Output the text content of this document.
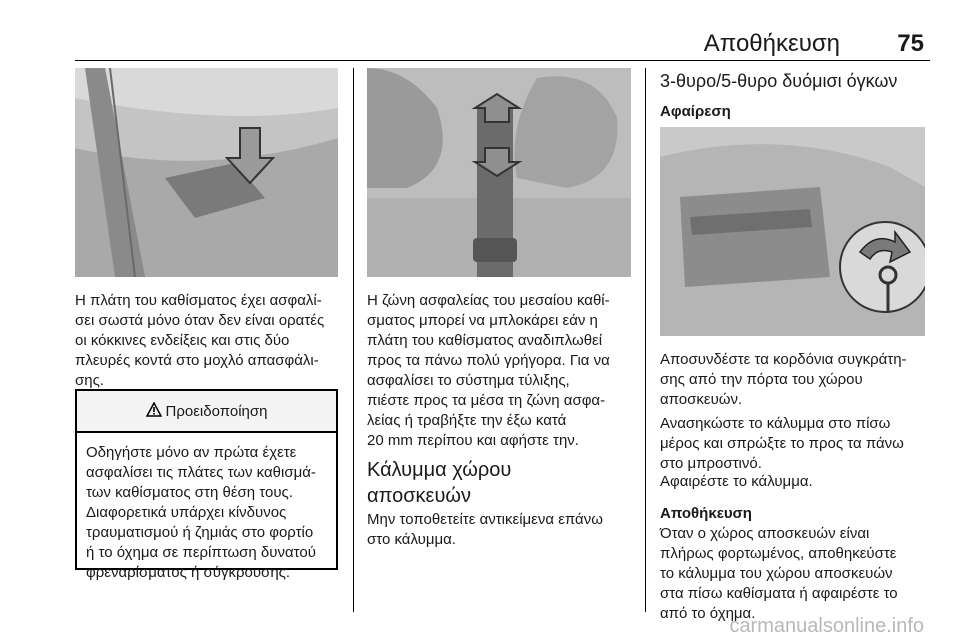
Αποθήκευση 75
Η πλάτη του καθίσματος έχει ασφαλί-
σει σωστά μόνο όταν δεν είναι ορατές
οι κόκκινες ενδείξεις και στις δύο
πλευρές κοντά στο μοχλό απασφάλι-
σης.
Προειδοποίηση
Οδηγήστε μόνο αν πρώτα έχετε
ασφαλίσει τις πλάτες των καθισμά-
των καθίσματος στη θέση τους.
Διαφορετικά υπάρχει κίνδυνος
τραυματισμού ή ζημιάς στο φορτίο
ή το όχημα σε περίπτωση δυνατού
φρεναρίσματος ή σύγκρουσης.
Η ζώνη ασφαλείας του μεσαίου καθί-
σματος μπορεί να μπλοκάρει εάν η
πλάτη του καθίσματος αναδιπλωθεί
προς τα πάνω πολύ γρήγορα. Για να
ασφαλίσει το σύστημα τύλιξης,
πιέστε προς τα μέσα τη ζώνη ασφα-
λείας ή τραβήξτε την έξω κατά
20 mm περίπου και αφήστε την.
Κάλυμμα χώρου
αποσκευών
Μην τοποθετείτε αντικείμενα επάνω
στο κάλυμμα.
3-θυρο/5-θυρο δυόμισι όγκων
Αφαίρεση
Αποσυνδέστε τα κορδόνια συγκράτη-
σης από την πόρτα του χώρου
αποσκευών.
Ανασηκώστε το κάλυμμα στο πίσω
μέρος και σπρώξτε το προς τα πάνω
στο μπροστινό.
Αφαιρέστε το κάλυμμα.
Αποθήκευση
Όταν ο χώρος αποσκευών είναι
πλήρως φορτωμένος, αποθηκεύστε
το κάλυμμα του χώρου αποσκευών
στα πίσω καθίσματα ή αφαιρέστε το
από το όχημα.
carmanualsonline.info
